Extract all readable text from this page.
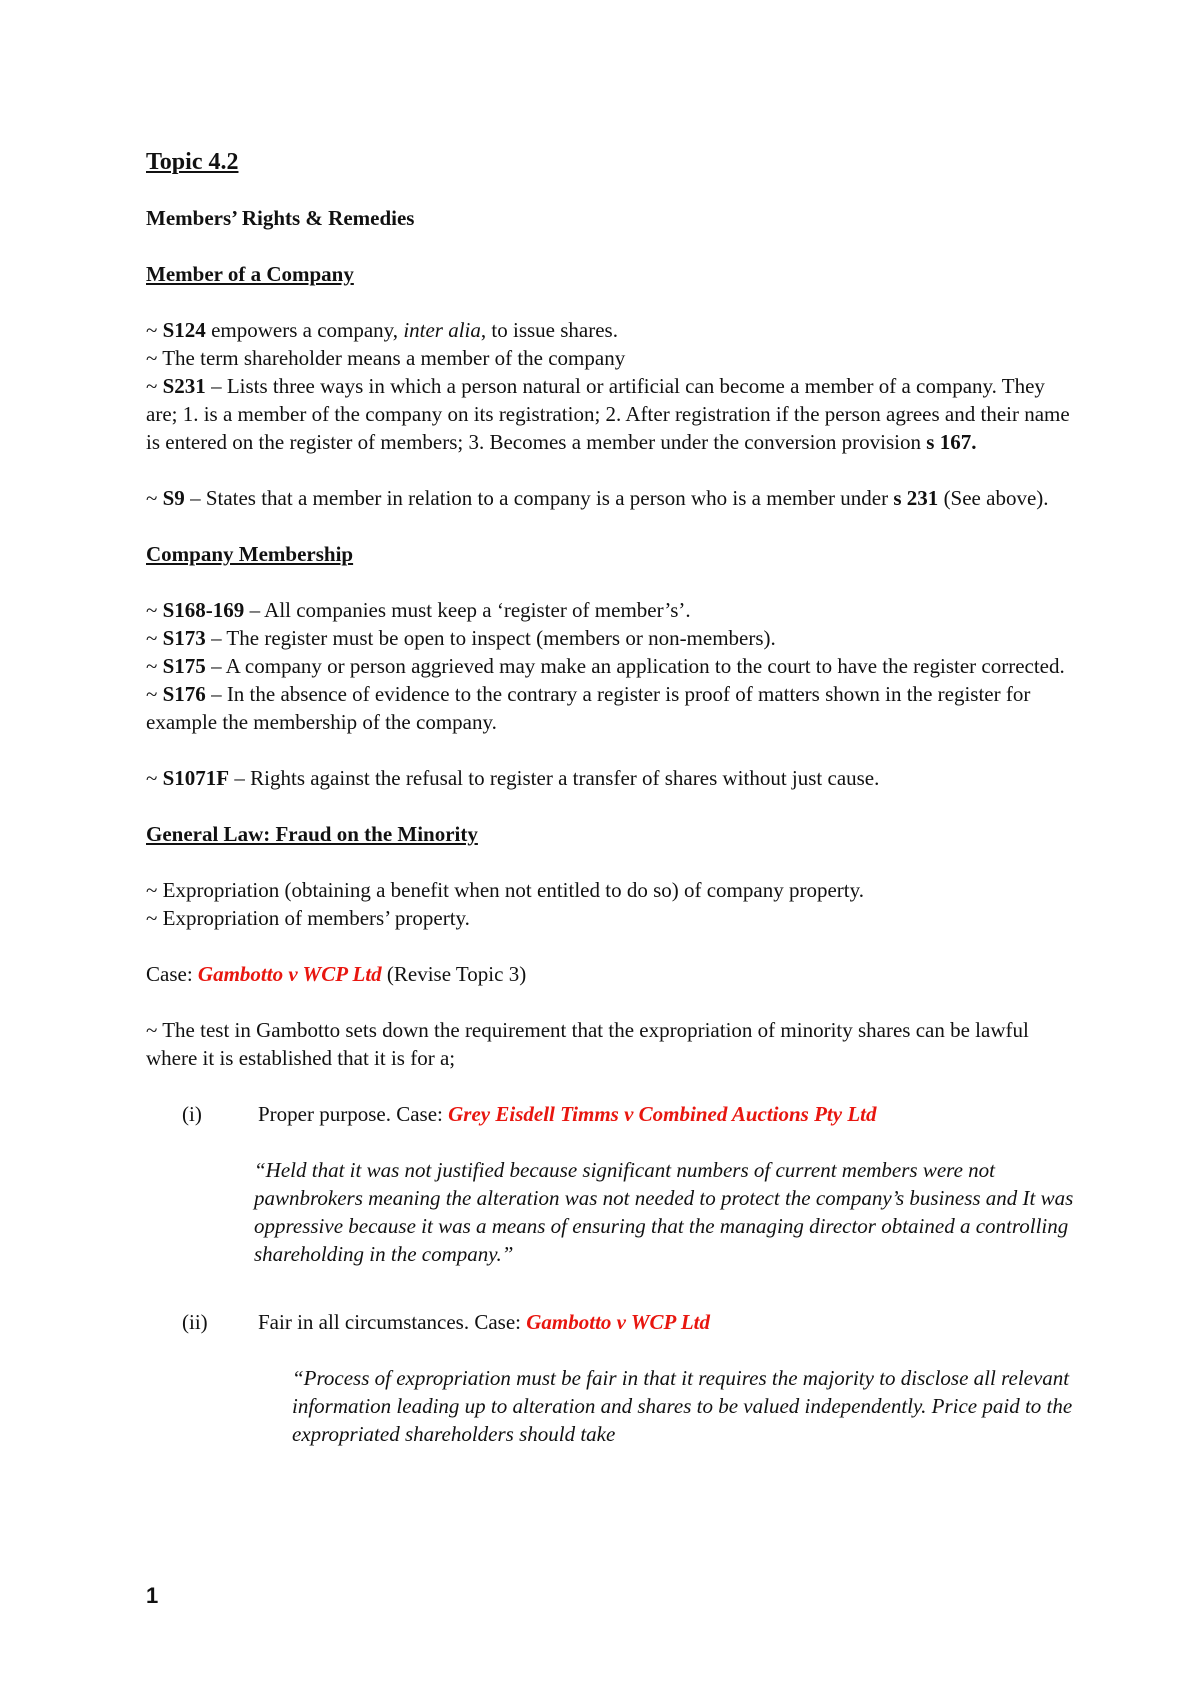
Topic 4.2

Members’ Rights & Remedies

Member of a Company

~ S124 empowers a company, inter alia, to issue shares.

~ The term shareholder means a member of the company

~ S231 – Lists three ways in which a person natural or artificial can become a member of a company. They are; 1. is a member of the company on its registration; 2. After registration if the person agrees and their name is entered on the register of members; 3. Becomes a member under the conversion provision s 167.

~ S9 – States that a member in relation to a company is a person who is a member under s 231 (See above).

Company Membership

~ S168-169 – All companies must keep a ‘register of member’s’.

~ S173 – The register must be open to inspect (members or non-members).

~ S175 – A company or person aggrieved may make an application to the court to have the register corrected.

~ S176 – In the absence of evidence to the contrary a register is proof of matters shown in the register for example the membership of the company.

~ S1071F – Rights against the refusal to register a transfer of shares without just cause.

General Law: Fraud on the Minority

~ Expropriation (obtaining a benefit when not entitled to do so) of company property.

~ Expropriation of members’ property.

Case: Gambotto v WCP Ltd (Revise Topic 3)

~ The test in Gambotto sets down the requirement that the expropriation of minority shares can be lawful where it is established that it is for a;

(i)	Proper purpose. Case: Grey Eisdell Timms v Combined Auctions Pty Ltd

“Held that it was not justified because significant numbers of current members were not pawnbrokers meaning the alteration was not needed to protect the company’s business and It was oppressive because it was a means of ensuring that the managing director obtained a controlling shareholding in the company.”

(ii)	Fair in all circumstances. Case: Gambotto v WCP Ltd

“Process of expropriation must be fair in that it requires the majority to disclose all relevant information leading up to alteration and shares to be valued independently. Price paid to the expropriated shareholders should take

1
